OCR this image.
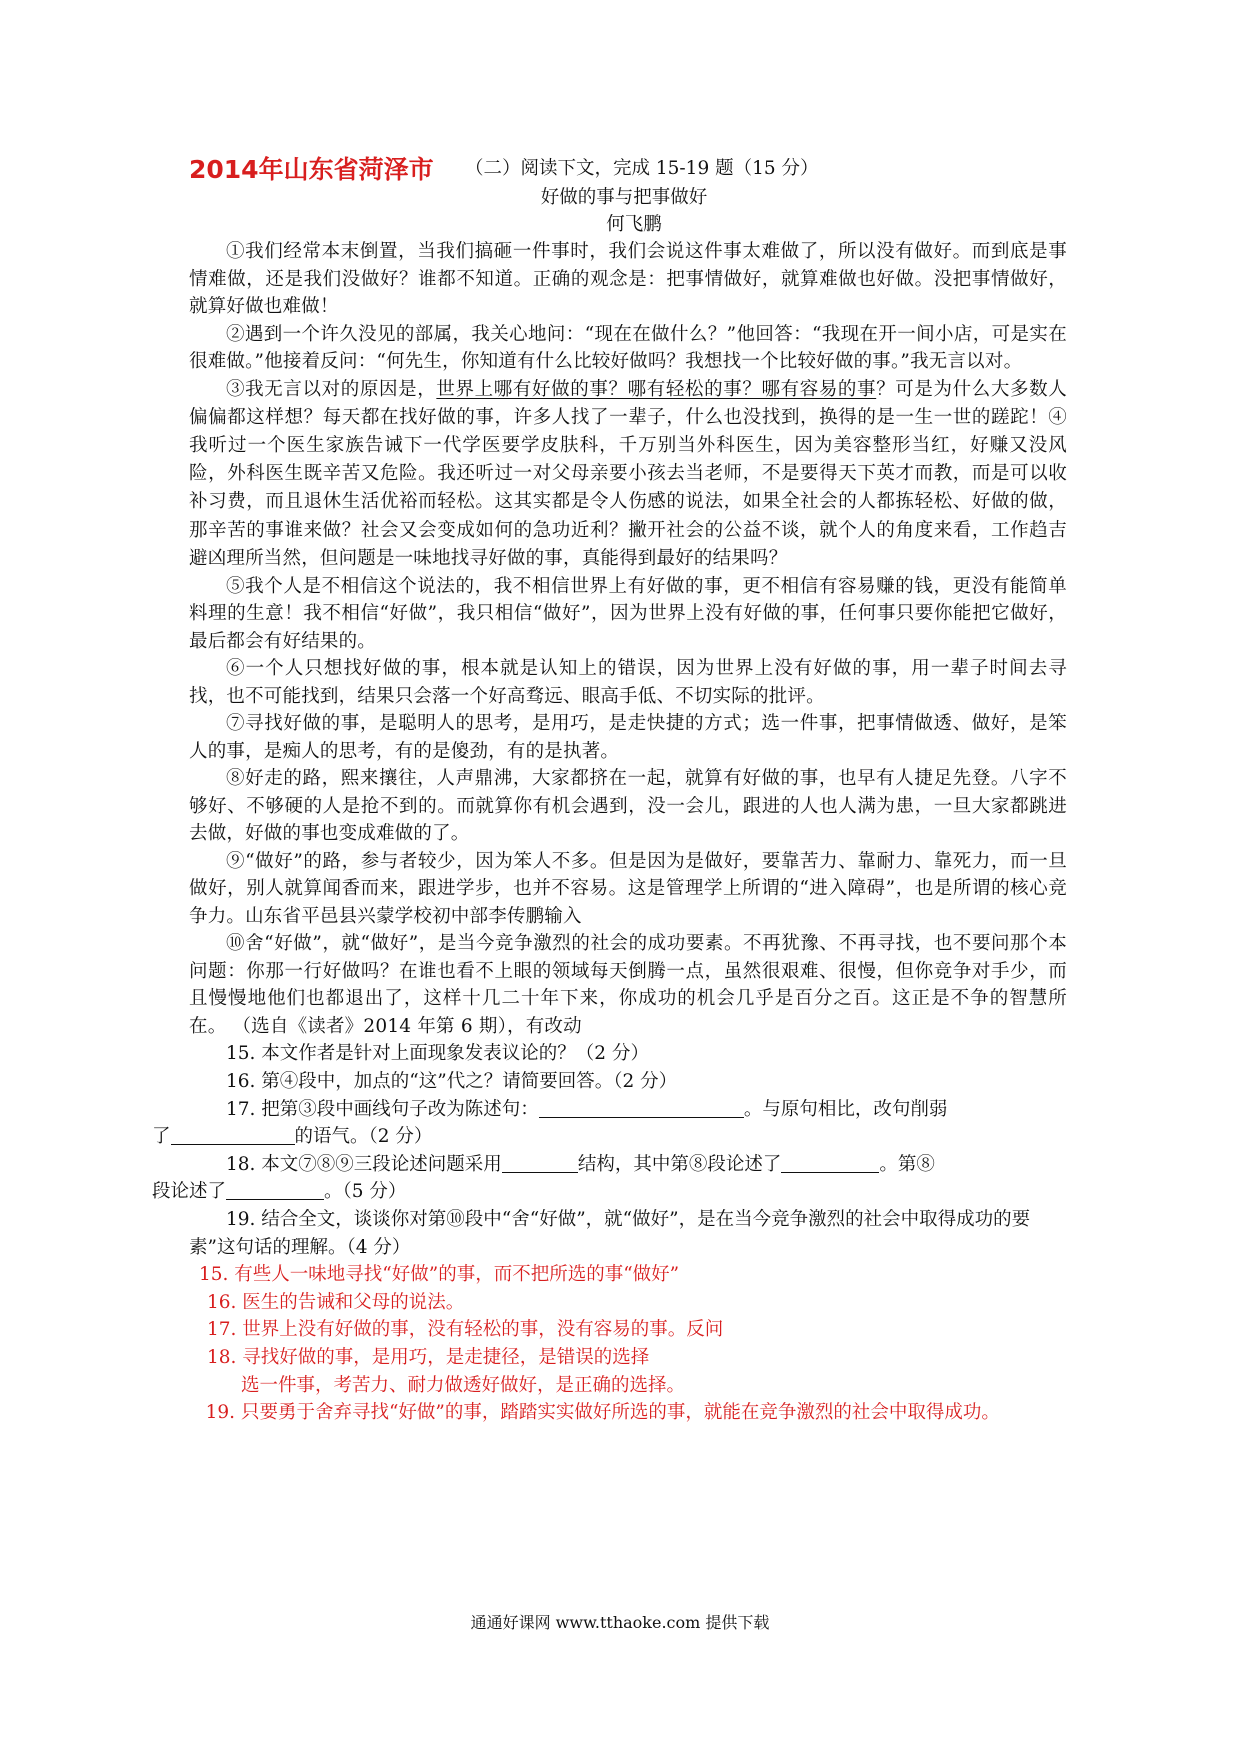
2014年山东省菏泽市 （二）阅读下文，完成 15-19 题（15 分）
好做的事与把事做好
何飞鹏

①我们经常本末倒置，当我们搞砸一件事时，我们会说这件事太难做了，所以没有做好。而到底是事情难做，还是我们没做好？谁都不知道。正确的观念是：把事情做好，就算难做也好做。没把事情做好，就算好做也难做！

②遇到一个许久没见的部属，我关心地问：“现在在做什么？”他回答：“我现在开一间小店，可是实在很难做。”他接着反问：“何先生，你知道有什么比较好做吗？我想找一个比较好做的事。”我无言以对。

③我无言以对的原因是，世界上哪有好做的事？哪有轻松的事？哪有容易的事？可是为什么大多数人偏偏都这样想？每天都在找好做的事，许多人找了一辈子，什么也没找到，换得的是一生一世的蹉跎！④我听过一个医生家族告诫下一代学医要学皮肤科，千万别当外科医生，因为美容整形当红，好赚又没风险，外科医生既辛苦又危险。我还听过一对父母亲要小孩去当老师，不是要得天下英才而教，而是可以收补习费，而且退休生活优裕而轻松。这其实都是令人伤感的说法，如果全社会的人都拣轻松、好做的做，那辛苦的事谁来做？社会又会变成如何的急功近利？撇开社会的公益不谈，就个人的角度来看，工作趋吉避凶理所当然，但问题是一味地找寻好做的事，真能得到最好的结果吗？

⑤我个人是不相信这个说法的，我不相信世界上有好做的事，更不相信有容易赚的钱，更没有能简单料理的生意！我不相信“好做”，我只相信“做好”，因为世界上没有好做的事，任何事只要你能把它做好，最后都会有好结果的。

⑥一个人只想找好做的事，根本就是认知上的错误，因为世界上没有好做的事，用一辈子时间去寻找，也不可能找到，结果只会落一个好高骛远、眼高手低、不切实际的批评。

⑦寻找好做的事，是聪明人的思考，是用巧，是走快捷的方式；选一件事，把事情做透、做好，是笨人的事，是痴人的思考，有的是傻劲，有的是执著。

⑧好走的路，熙来攘往，人声鼎沸，大家都挤在一起，就算有好做的事，也早有人捷足先登。八字不够好、不够硬的人是抢不到的。而就算你有机会遇到，没一会儿，跟进的人也人满为患，一旦大家都跳进去做，好做的事也变成难做的了。

⑨“做好”的路，参与者较少，因为笨人不多。但是因为是做好，要靠苦力、靠耐力、靠死力，而一旦做好，别人就算闻香而来，跟进学步，也并不容易。这是管理学上所谓的“进入障碍”，也是所谓的核心竞争力。山东省平邑县兴蒙学校初中部李传鹏输入

⑩舍“好做”，就“做好”，是当今竞争激烈的社会的成功要素。不再犹豫、不再寻找，也不要问那个本问题：你那一行好做吗？在谁也看不上眼的领域每天倒腾一点，虽然很艰难、很慢，但你竞争对手少，而且慢慢地他们也都退出了，这样十几二十年下来，你成功的机会几乎是百分之百。这正是不争的智慧所在。 （选自《读者》2014 年第 6 期），有改动

15. 本文作者是针对上面现象发表议论的？（2 分）

16. 第④段中，加点的“这”代之？请简要回答。（2 分）

17. 把第③段中画线句子改为陈述句：	。与原句相比，改句削弱
了	的语气。（2 分）

18. 本文⑦⑧⑨三段论述问题采用	结构，其中第⑧段论述了	。第⑧
段论述了	。（5 分）

19. 结合全文，谈谈你对第⑩段中“舍“好做”，就“做好”，是在当今竞争激烈的社会中取得成功的要素”这句话的理解。（4 分）

15. 有些人一味地寻找“好做”的事，而不把所选的事“做好”

16. 医生的告诫和父母的说法。

17. 世界上没有好做的事，没有轻松的事，没有容易的事。反问

18. 寻找好做的事，是用巧，是走捷径，是错误的选择

选一件事，考苦力、耐力做透好做好，是正确的选择。

19. 只要勇于舍弃寻找“好做”的事，踏踏实实做好所选的事，就能在竞争激烈的社会中取得成功。

通通好课网 www.tthaoke.com 提供下载
